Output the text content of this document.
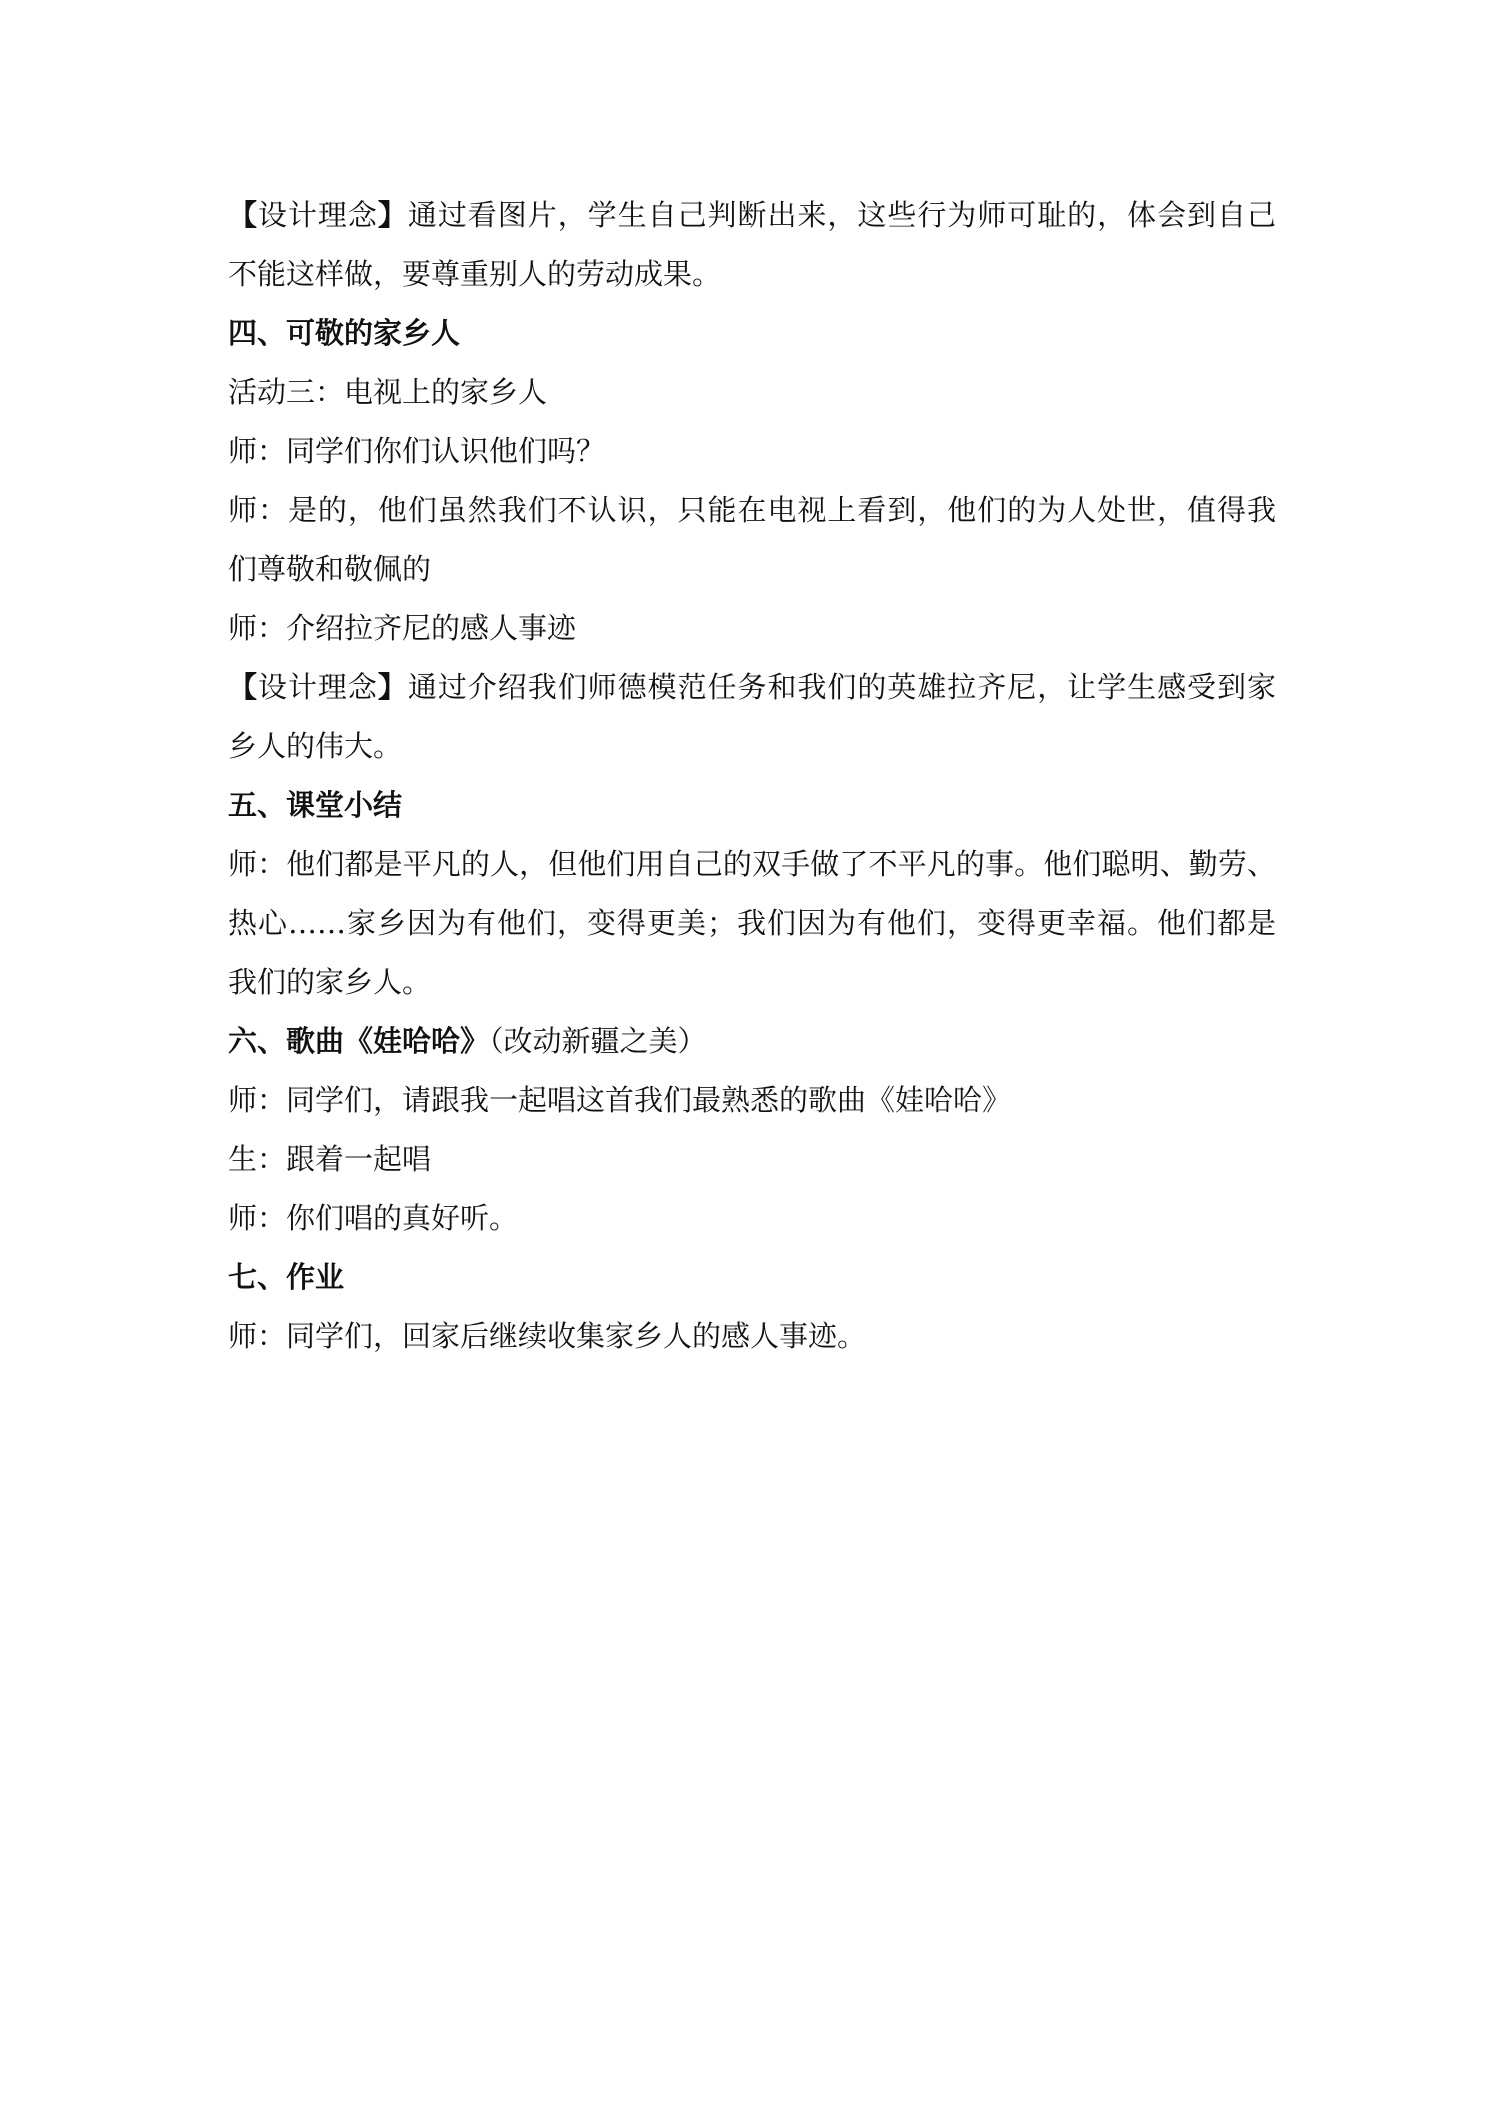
【设计理念】通过看图片，学生自己判断出来，这些行为师可耻的，体会到自己
不能这样做，要尊重别人的劳动成果。
四、可敬的家乡人
活动三：电视上的家乡人
师：同学们你们认识他们吗？
师：是的，他们虽然我们不认识，只能在电视上看到，他们的为人处世，值得我
们尊敬和敬佩的
师：介绍拉齐尼的感人事迹
【设计理念】通过介绍我们师德模范任务和我们的英雄拉齐尼，让学生感受到家
乡人的伟大。
五、课堂小结
师：他们都是平凡的人，但他们用自己的双手做了不平凡的事。他们聪明、勤劳、
热心……家乡因为有他们，变得更美；我们因为有他们，变得更幸福。他们都是
我们的家乡人。
六、歌曲《娃哈哈》（改动新疆之美）
师：同学们，请跟我一起唱这首我们最熟悉的歌曲《娃哈哈》
生：跟着一起唱
师：你们唱的真好听。
七、作业
师：同学们，回家后继续收集家乡人的感人事迹。
